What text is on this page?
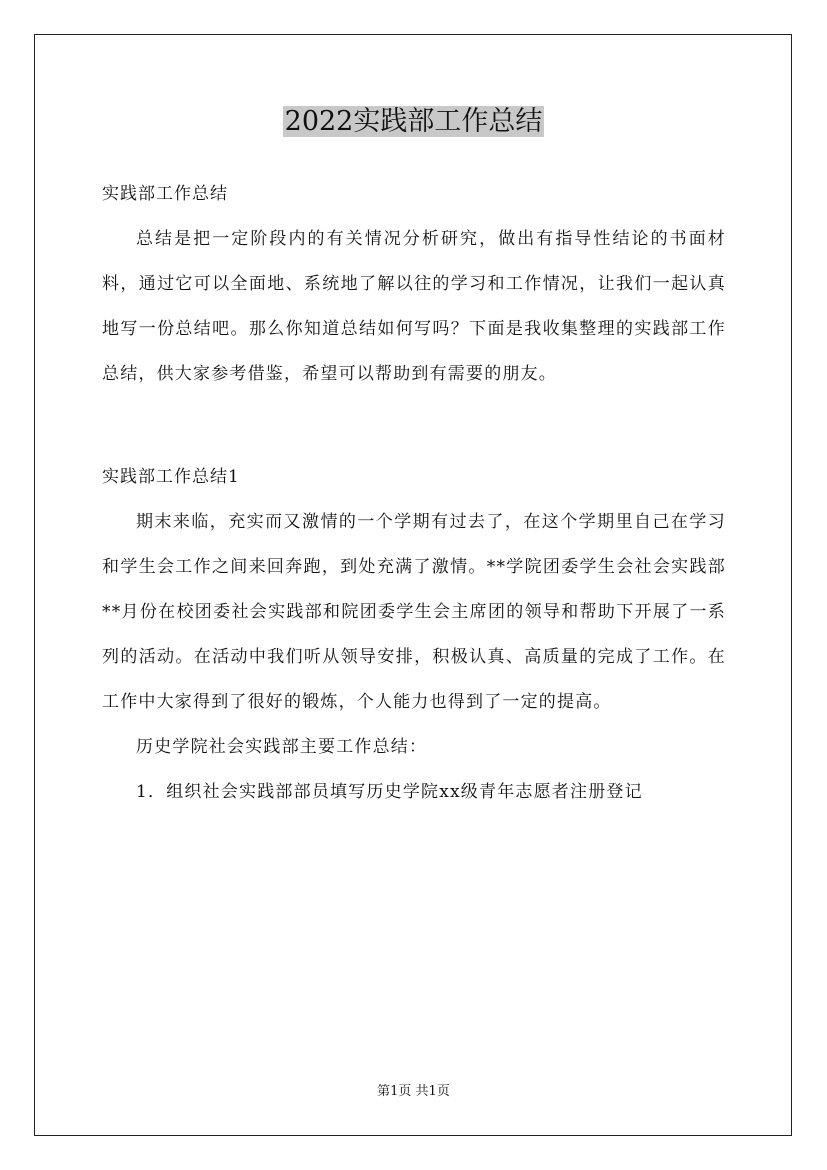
2022实践部工作总结

实践部工作总结

总结是把一定阶段内的有关情况分析研究，做出有指导性结论的书面材料，通过它可以全面地、系统地了解以往的学习和工作情况，让我们一起认真地写一份总结吧。那么你知道总结如何写吗？下面是我收集整理的实践部工作总结，供大家参考借鉴，希望可以帮助到有需要的朋友。

实践部工作总结1

期末来临，充实而又激情的一个学期有过去了，在这个学期里自己在学习和学生会工作之间来回奔跑，到处充满了激情。**学院团委学生会社会实践部**月份在校团委社会实践部和院团委学生会主席团的领导和帮助下开展了一系列的活动。在活动中我们听从领导安排，积极认真、高质量的完成了工作。在工作中大家得到了很好的锻炼，个人能力也得到了一定的提高。

历史学院社会实践部主要工作总结：

1．组织社会实践部部员填写历史学院xx级青年志愿者注册登记

第1页 共1页
